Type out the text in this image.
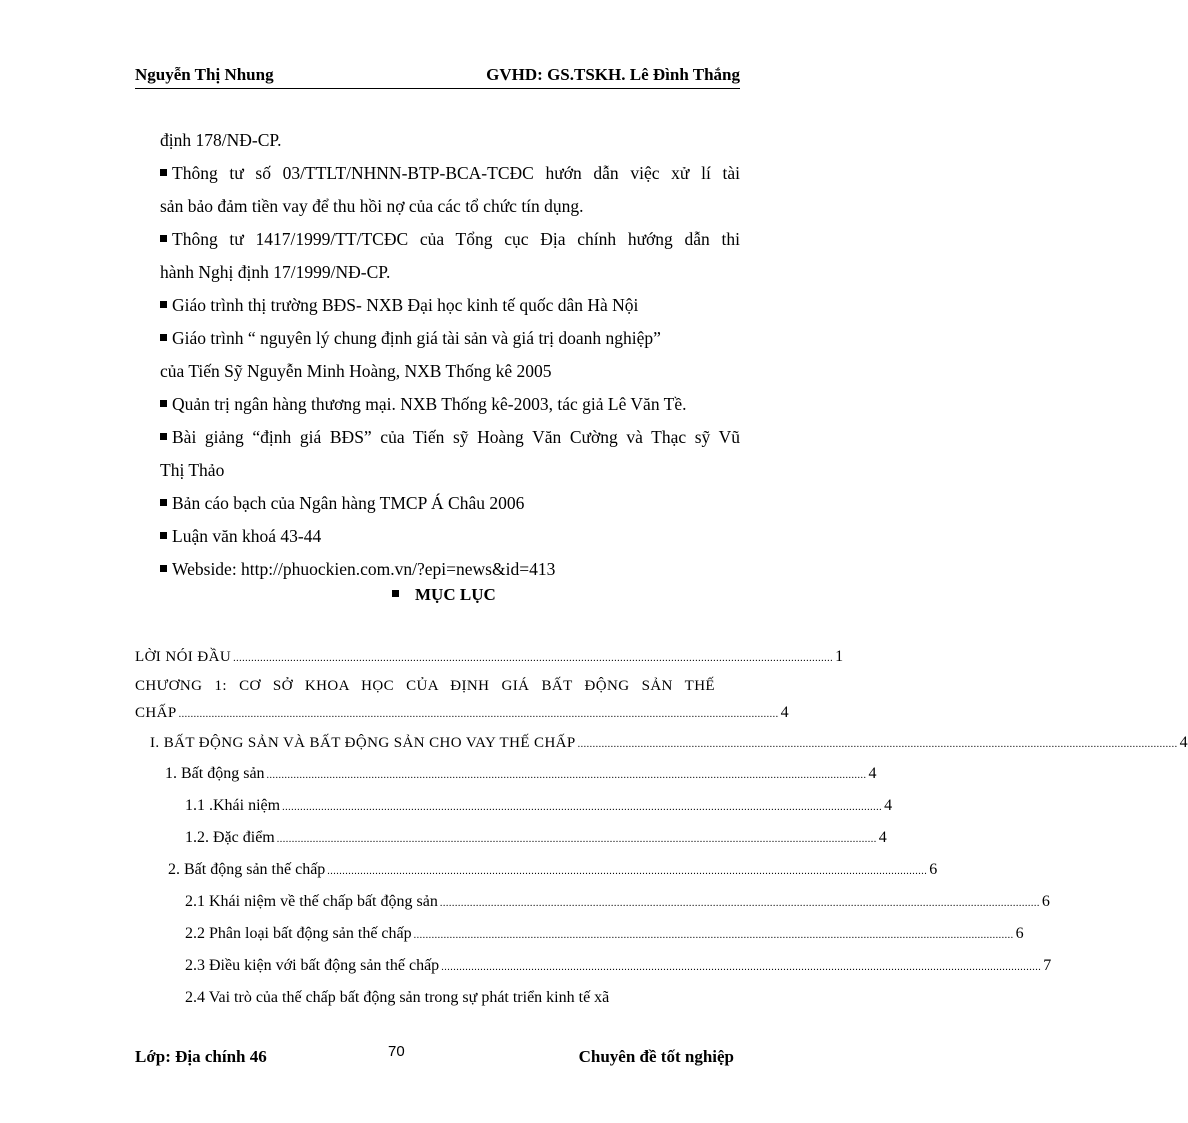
Nguyễn Thị Nhung	GVHD: GS.TSKH. Lê Đình Thắng
định 178/NĐ-CP.
Thông tư số 03/TTLT/NHNN-BTP-BCA-TCĐC hướn dẫn việc xử lí tài
sản bảo đảm tiền vay để thu hồi nợ của các tổ chức tín dụng.
Thông tư 1417/1999/TT/TCĐC của Tổng cục Địa chính hướng dẫn thi
hành Nghị định 17/1999/NĐ-CP.
Giáo trình thị trường BĐS- NXB Đại học kinh tế quốc dân Hà Nội
Giáo trình “ nguyên lý chung định giá tài sản và giá trị doanh nghiệp”
của Tiến Sỹ Nguyễn Minh Hoàng, NXB Thống kê 2005
Quản trị ngân hàng thương mại. NXB Thống kê-2003, tác giả Lê Văn Tề.
Bài giảng “định giá BĐS” của Tiến sỹ Hoàng Văn Cường và Thạc sỹ Vũ
Thị Thảo
Bản cáo bạch của Ngân hàng TMCP Á Châu 2006
Luận văn khoá 43-44
Webside: http://phuockien.com.vn/?epi=news&id=413
MỤC LỤC
LỜI NÓI ĐẦU ........................................................................................................................................................................................................ 1
CHƯƠNG 1: CƠ SỞ KHOA HỌC CỦA ĐỊNH GIÁ BẤT ĐỘNG SẢN THẾ
CHẤP ........................................................................................................................................................................................................ 4
I. BẤT ĐỘNG SẢN VÀ BẤT ĐỘNG SẢN CHO VAY THẾ CHẤP ........................................................................................................................................................................................................ 4
1. Bất động sản ........................................................................................................................................................................................................ 4
1.1 .Khái niệm ........................................................................................................................................................................................................ 4
1.2. Đặc điểm ........................................................................................................................................................................................................ 4
2. Bất động sản thế chấp ........................................................................................................................................................................................................ 6
2.1 Khái niệm về thế chấp bất động sản ........................................................................................................................................................................................................ 6
2.2 Phân loại bất động sản thế chấp ........................................................................................................................................................................................................ 6
2.3 Điều kiện với bất động sản thế chấp ........................................................................................................................................................................................................ 7
2.4 Vai trò của thế chấp bất động sản trong sự phát triển kinh tế xã
Lớp: Địa chính 46	70	Chuyên đề tốt nghiệp
